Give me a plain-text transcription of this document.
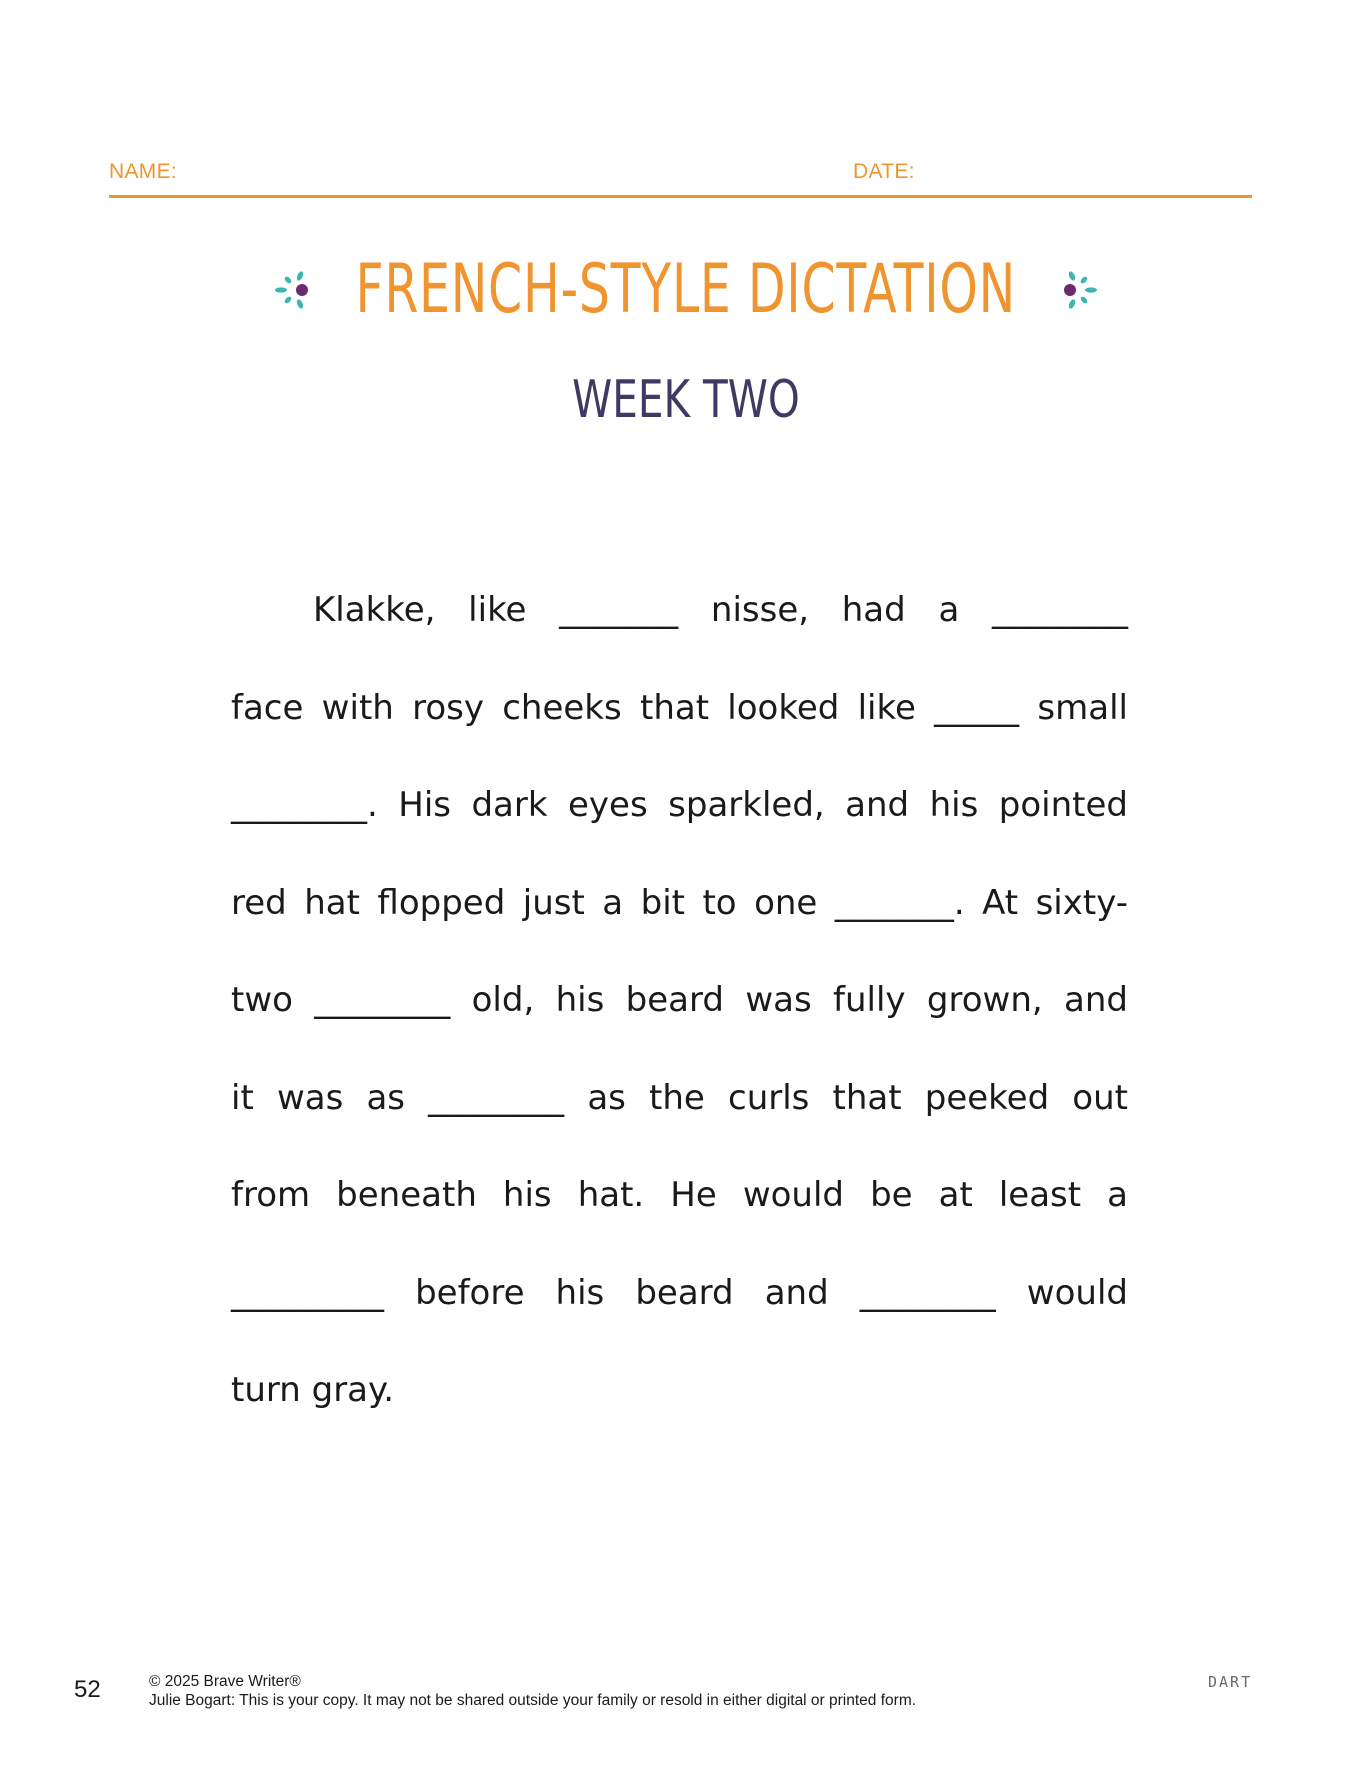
NAME:	DATE:
FRENCH-STYLE DICTATION
WEEK TWO
Klakke, like _______ nisse, had a ________
face with rosy cheeks that looked like _____ small
________. His dark eyes sparkled, and his pointed
red hat flopped just a bit to one _______. At sixty-
two ________ old, his beard was fully grown, and
it was as ________ as the curls that peeked out
from beneath his hat. He would be at least a
_________ before his beard and ________ would
turn gray.
52	© 2025 Brave Writer®
Julie Bogart: This is your copy. It may not be shared outside your family or resold in either digital or printed form.
DART
